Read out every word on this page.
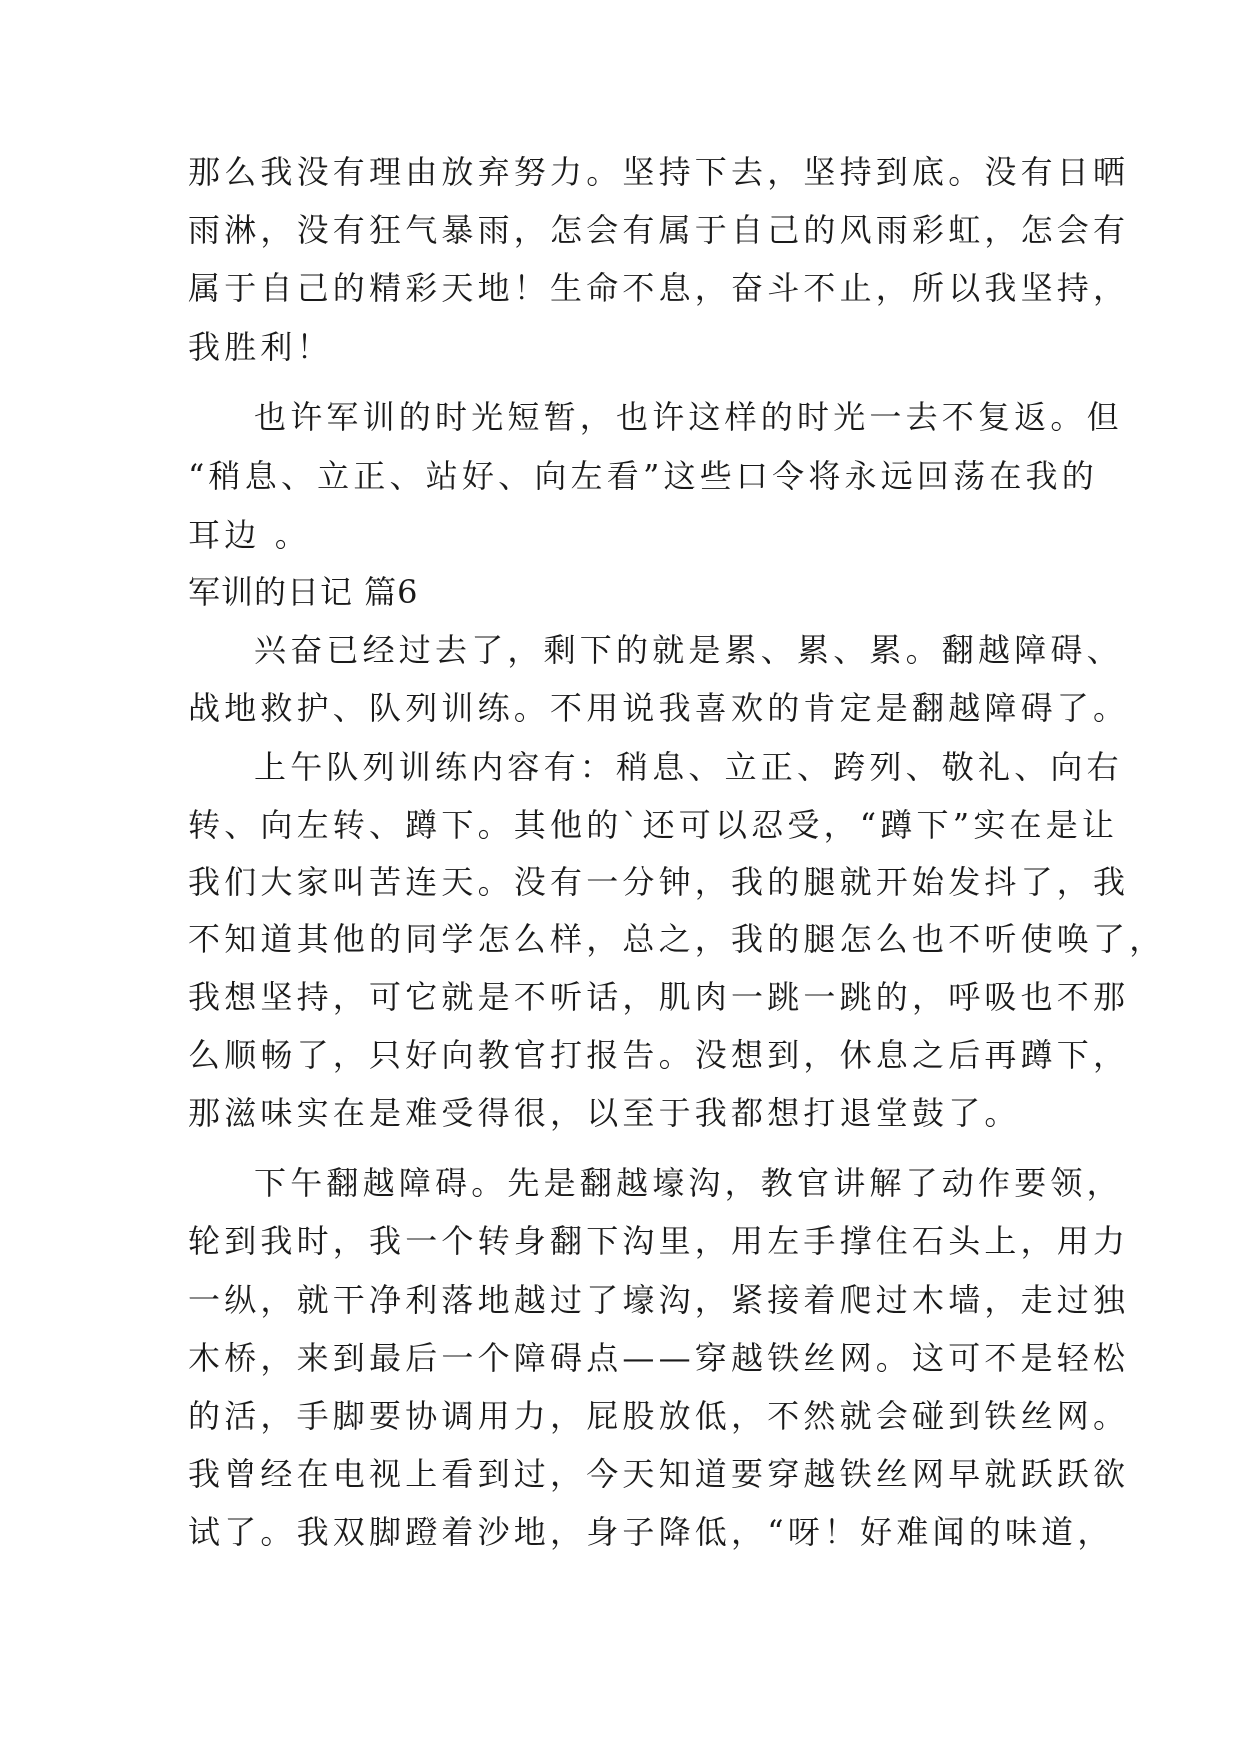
那么我没有理由放弃努力。坚持下去，坚持到底。没有日晒
雨淋，没有狂气暴雨，怎会有属于自己的风雨彩虹，怎会有
属于自己的精彩天地！生命不息，奋斗不止，所以我坚持，
我胜利！
也许军训的时光短暂，也许这样的时光一去不复返。但
“稍息、立正、站好、向左看”这些口令将永远回荡在我的
耳边 。
军训的日记 篇6
兴奋已经过去了，剩下的就是累、累、累。翻越障碍、
战地救护、队列训练。不用说我喜欢的肯定是翻越障碍了。
上午队列训练内容有：稍息、立正、跨列、敬礼、向右
转、向左转、蹲下。其他的`还可以忍受，“蹲下”实在是让
我们大家叫苦连天。没有一分钟，我的腿就开始发抖了，我
不知道其他的同学怎么样，总之，我的腿怎么也不听使唤了，
我想坚持，可它就是不听话，肌肉一跳一跳的，呼吸也不那
么顺畅了，只好向教官打报告。没想到，休息之后再蹲下，
那滋味实在是难受得很，以至于我都想打退堂鼓了。
下午翻越障碍。先是翻越壕沟，教官讲解了动作要领，
轮到我时，我一个转身翻下沟里，用左手撑住石头上，用力
一纵，就干净利落地越过了壕沟，紧接着爬过木墙，走过独
木桥，来到最后一个障碍点——穿越铁丝网。这可不是轻松
的活，手脚要协调用力，屁股放低，不然就会碰到铁丝网。
我曾经在电视上看到过，今天知道要穿越铁丝网早就跃跃欲
试了。我双脚蹬着沙地，身子降低，“呀！好难闻的味道，
